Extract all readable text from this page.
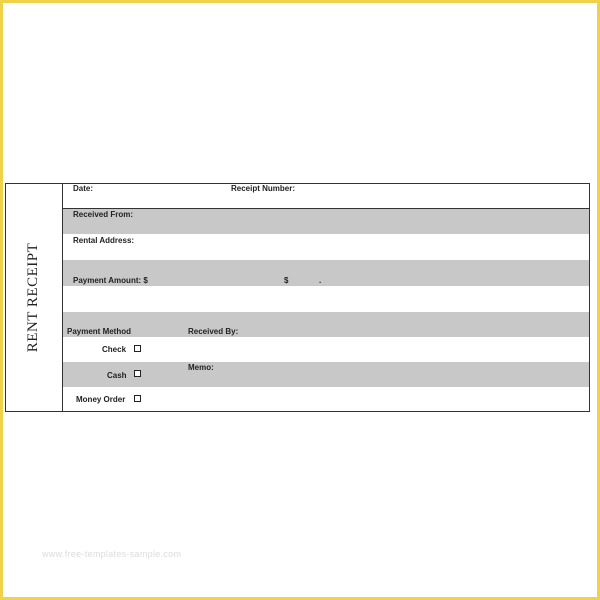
RENT RECEIPT
Date:	Receipt Number:
Received From:
Rental Address:
Payment Amount: $	$	.
Payment Method	Received By:
Check
Cash
Memo:
Money Order
www.free-templates-sample.com
